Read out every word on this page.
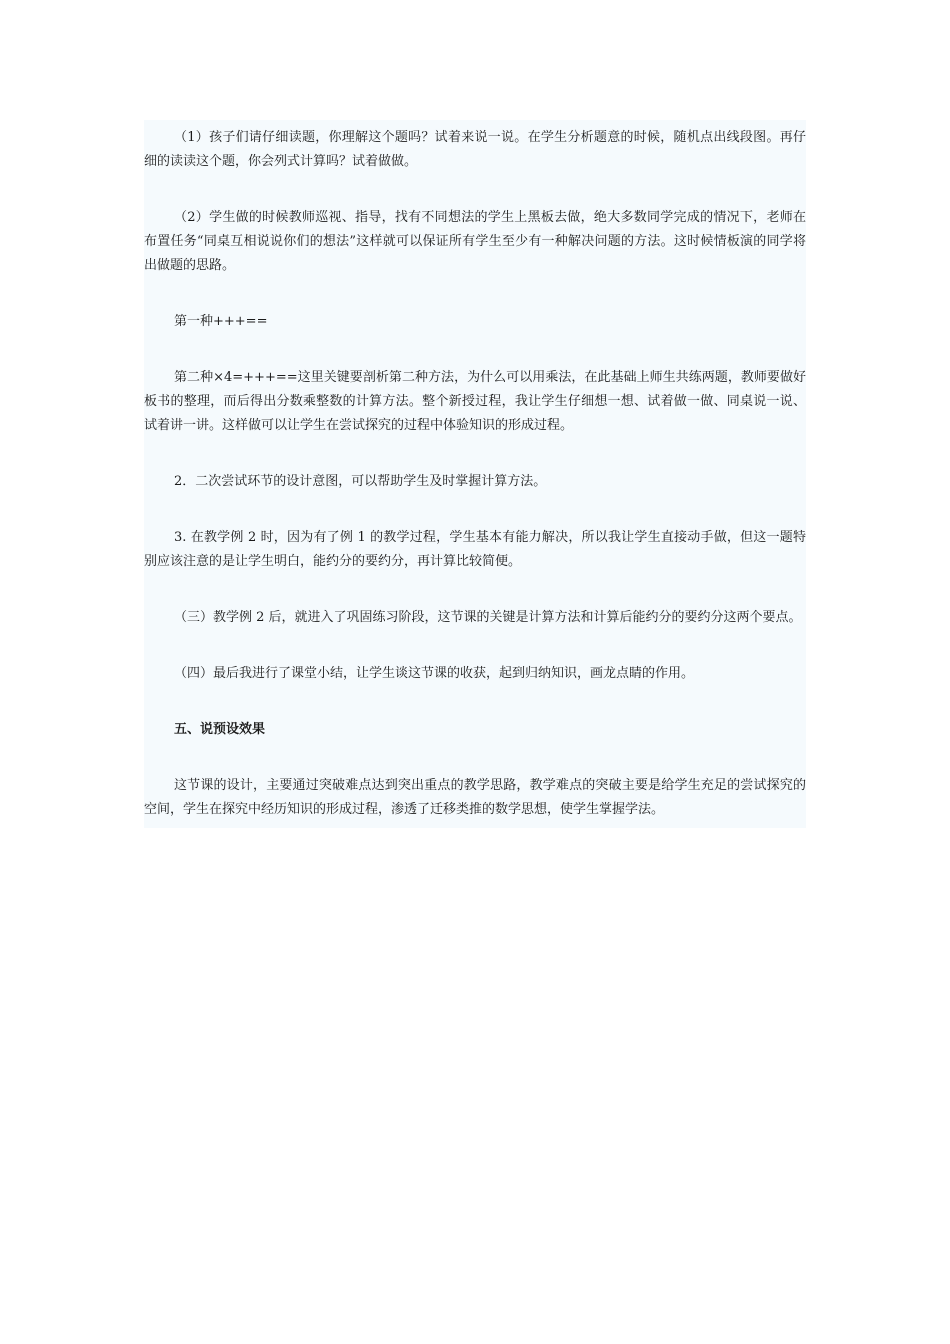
（1）孩子们请仔细读题，你理解这个题吗？试着来说一说。在学生分析题意的时候，随机点出线段图。再仔细的读读这个题，你会列式计算吗？试着做做。

（2）学生做的时候教师巡视、指导，找有不同想法的学生上黑板去做，绝大多数同学完成的情况下，老师在布置任务“同桌互相说说你们的想法”这样就可以保证所有学生至少有一种解决问题的方法。这时候情板演的同学将出做题的思路。

第一种+++==

第二种×4=+++==这里关键要剖析第二种方法，为什么可以用乘法，在此基础上师生共练两题，教师要做好板书的整理，而后得出分数乘整数的计算方法。整个新授过程，我让学生仔细想一想、试着做一做、同桌说一说、试着讲一讲。这样做可以让学生在尝试探究的过程中体验知识的形成过程。

2．二次尝试环节的设计意图，可以帮助学生及时掌握计算方法。

3. 在教学例 2 时，因为有了例 1 的教学过程，学生基本有能力解决，所以我让学生直接动手做，但这一题特别应该注意的是让学生明白，能约分的要约分，再计算比较简便。

（三）教学例 2 后，就进入了巩固练习阶段，这节课的关键是计算方法和计算后能约分的要约分这两个要点。

（四）最后我进行了课堂小结，让学生谈这节课的收获，起到归纳知识，画龙点睛的作用。

五、说预设效果

这节课的设计，主要通过突破难点达到突出重点的教学思路，教学难点的突破主要是给学生充足的尝试探究的空间，学生在探究中经历知识的形成过程，渗透了迁移类推的数学思想，使学生掌握学法。
